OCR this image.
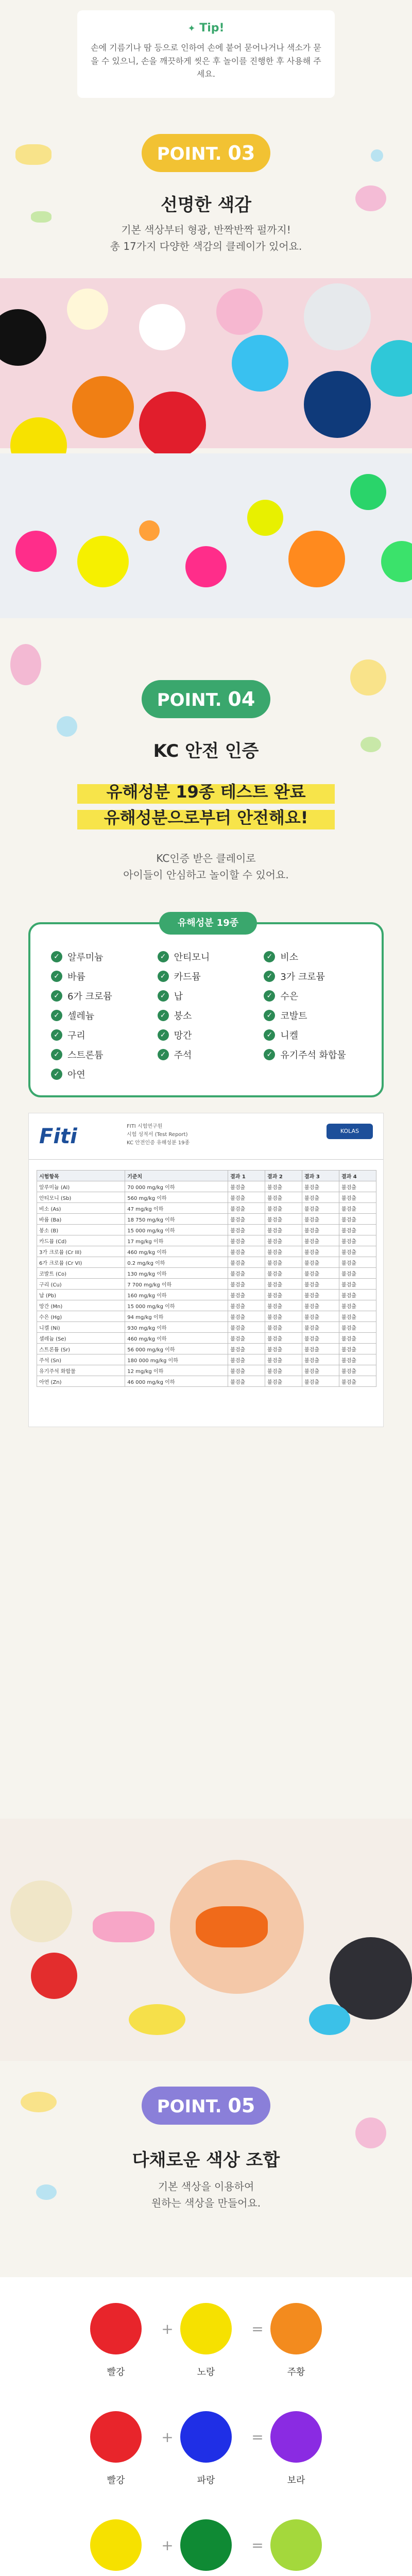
✦ Tip!
손에 기름기나 땀 등으로 인하여 손에 붙어 묻어나거나 색소가 묻을 수 있으니, 손을 깨끗하게 씻은 후 놀이를 진행한 후 사용해 주세요.
POINT. 03
선명한 색감
기본 색상부터 형광, 반짝반짝 펄까지!
총 17가지 다양한 색감의 클레이가 있어요.
POINT. 04
KC 안전 인증
유해성분 19종 테스트 완료
유해성분으로부터 안전해요!
KC인증 받은 클레이로
아이들이 안심하고 놀이할 수 있어요.
유해성분 19종
✓ 알루미늄	✓ 안티모니	✓ 비소
✓ 바륨	✓ 카드뮴	✓ 3가 크로뮴
✓ 6가 크로뮴	✓ 납	✓ 수은
✓ 셀레늄	✓ 붕소	✓ 코발트
✓ 구리	✓ 망간	✓ 니켈
✓ 스트론튬	✓ 주석	✓ 유기주석 화합물
✓ 아연
Fiti	FITI 시험연구원
시험 성적서 (Test Report)
KC 안전인증 유해성분 19종
KOLAS
시험항목	기준치	결과 1	결과 2	결과 3	결과 4
알루미늄 (Al)	70 000 mg/kg 이하	불검출	불검출	불검출	불검출
안티모니 (Sb)	560 mg/kg 이하	불검출	불검출	불검출	불검출
비소 (As)	47 mg/kg 이하	불검출	불검출	불검출	불검출
바륨 (Ba)	18 750 mg/kg 이하	불검출	불검출	불검출	불검출
붕소 (B)	15 000 mg/kg 이하	불검출	불검출	불검출	불검출
카드뮴 (Cd)	17 mg/kg 이하	불검출	불검출	불검출	불검출
3가 크로뮴 (Cr III)	460 mg/kg 이하	불검출	불검출	불검출	불검출
6가 크로뮴 (Cr VI)	0.2 mg/kg 이하	불검출	불검출	불검출	불검출
코발트 (Co)	130 mg/kg 이하	불검출	불검출	불검출	불검출
구리 (Cu)	7 700 mg/kg 이하	불검출	불검출	불검출	불검출
납 (Pb)	160 mg/kg 이하	불검출	불검출	불검출	불검출
망간 (Mn)	15 000 mg/kg 이하	불검출	불검출	불검출	불검출
수은 (Hg)	94 mg/kg 이하	불검출	불검출	불검출	불검출
니켈 (Ni)	930 mg/kg 이하	불검출	불검출	불검출	불검출
셀레늄 (Se)	460 mg/kg 이하	불검출	불검출	불검출	불검출
스트론튬 (Sr)	56 000 mg/kg 이하	불검출	불검출	불검출	불검출
주석 (Sn)	180 000 mg/kg 이하	불검출	불검출	불검출	불검출
유기주석 화합물	12 mg/kg 이하	불검출	불검출	불검출	불검출
아연 (Zn)	46 000 mg/kg 이하	불검출	불검출	불검출	불검출
POINT. 05
다채로운 색상 조합
기본 색상을 이용하여
원하는 색상을 만들어요.
빨강
+
노랑
=
주황
빨강
+
파랑
=
보라
+	=
